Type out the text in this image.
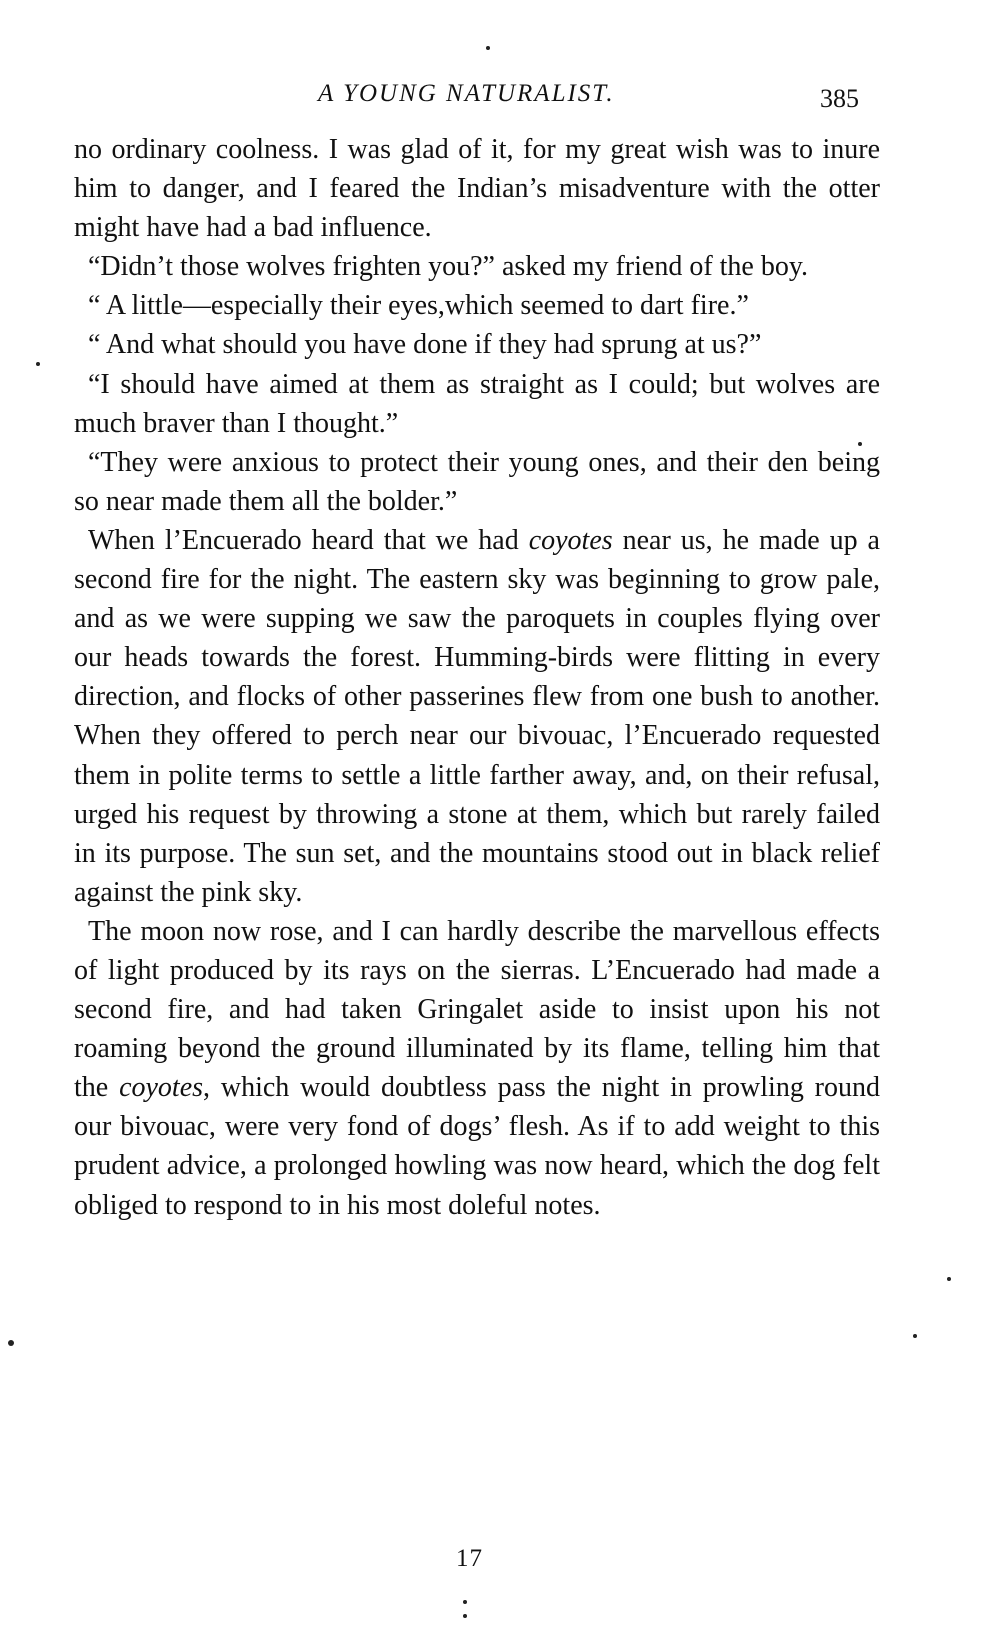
A YOUNG NATURALIST.	385

no ordinary coolness. I was glad of it, for my great wish was to inure him to danger, and I feared the Indian’s misadventure with the otter might have had a bad influence.

“Didn’t those wolves frighten you?” asked my friend of the boy.

“ A little—especially their eyes,which seemed to dart fire.”

“ And what should you have done if they had sprung at us?”

“I should have aimed at them as straight as I could; but wolves are much braver than I thought.”

“They were anxious to protect their young ones, and their den being so near made them all the bolder.”

When l’Encuerado heard that we had coyotes near us, he made up a second fire for the night. The eastern sky was beginning to grow pale, and as we were supping we saw the paroquets in couples flying over our heads towards the forest. Humming-birds were flitting in every direction, and flocks of other passerines flew from one bush to another. When they offered to perch near our bivouac, l’Encuerado requested them in polite terms to settle a little farther away, and, on their refusal, urged his request by throwing a stone at them, which but rarely failed in its purpose. The sun set, and the mountains stood out in black relief against the pink sky.

The moon now rose, and I can hardly describe the marvellous effects of light produced by its rays on the sierras. L’Encuerado had made a second fire, and had taken Gringalet aside to insist upon his not roaming beyond the ground illuminated by its flame, telling him that the coyotes, which would doubtless pass the night in prowling round our bivouac, were very fond of dogs’ flesh. As if to add weight to this prudent advice, a prolonged howling was now heard, which the dog felt obliged to respond to in his most doleful notes.

17
